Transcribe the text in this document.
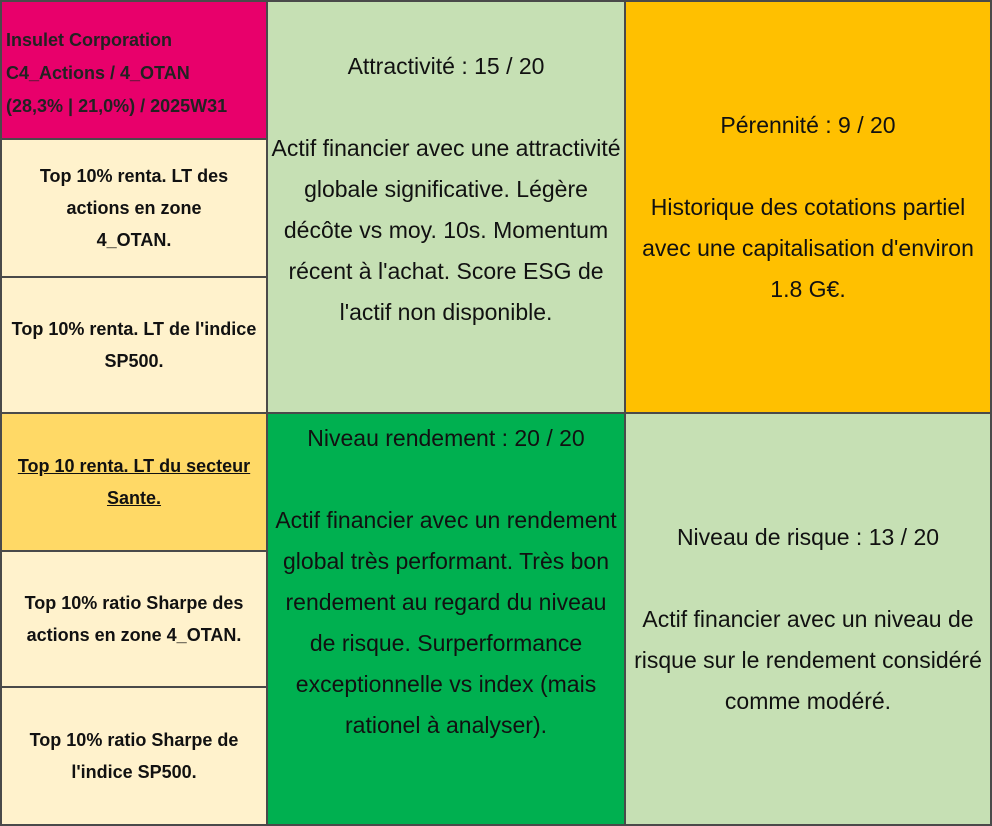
Insulet Corporation
C4_Actions / 4_OTAN
(28,3% | 21,0%) / 2025W31
Top 10% renta. LT des actions en zone 4_OTAN.
Top 10% renta. LT de l'indice SP500.
Top 10 renta. LT du secteur Sante.
Top 10% ratio Sharpe des actions en zone 4_OTAN.
Top 10% ratio Sharpe de l'indice SP500.
Attractivité : 15 / 20
Actif financier avec une attractivité globale significative. Légère décôte vs moy. 10s. Momentum récent à l'achat. Score ESG de l'actif non disponible.
Niveau rendement : 20 / 20
Actif financier avec un rendement global très performant. Très bon rendement au regard du niveau de risque. Surperformance exceptionnelle vs index (mais rationel à analyser).
Pérennité : 9 / 20
Historique des cotations partiel avec une capitalisation d'environ 1.8 G€.
Niveau de risque : 13 / 20
Actif financier avec un niveau de risque sur le rendement considéré comme modéré.
